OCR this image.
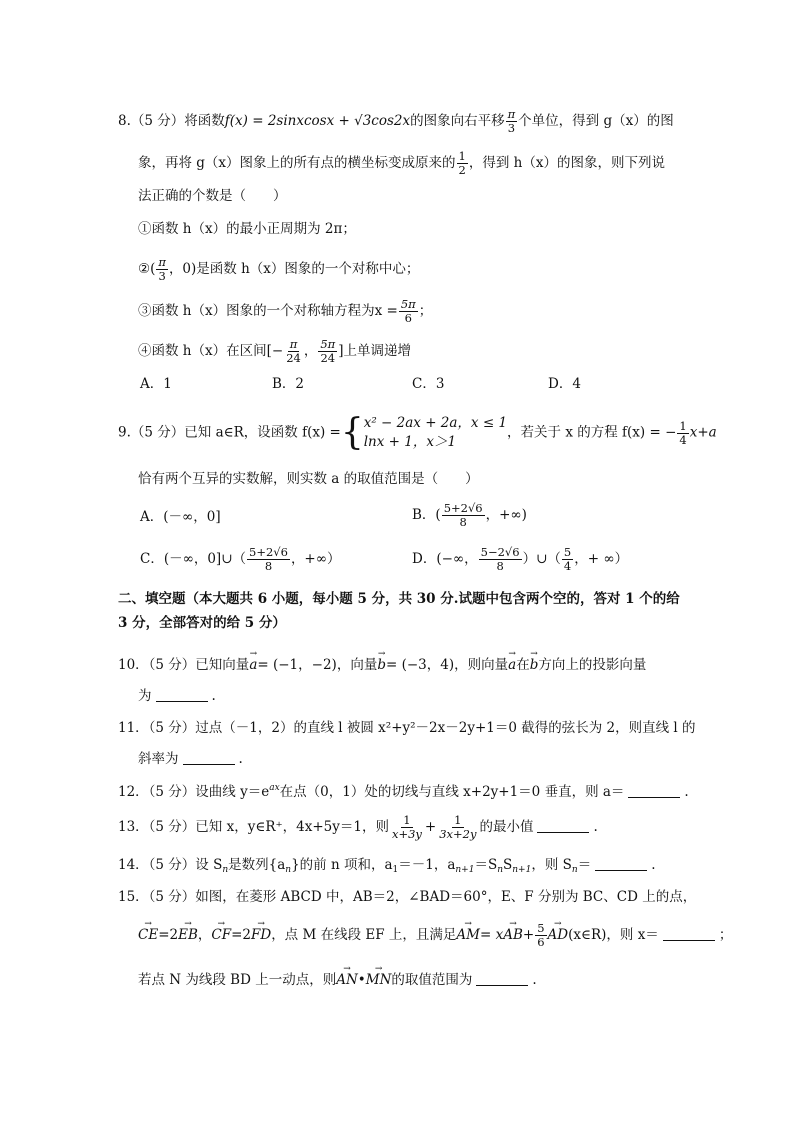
8.（5 分）将函数f(x) = 2sinxcosx + √3cos2x的图象向右平移 $\frac{\pi}{3}$ 个单位，得到 g（x）的图
象，再将 g（x）图象上的所有点的横坐标变成原来的 $\frac{1}{2}$ ，得到 h（x）的图象，则下列说
法正确的个数是（　　）
①函数 h（x）的最小正周期为 2π；
②( $\frac{\pi}{3}$ ，0)是函数 h（x）图象的一个对称中心；
③函数 h（x）图象的一个对称轴方程为$x = \frac{5\pi}{6}$ ；
④函数 h（x）在区间[− $\frac{\pi}{24}$ ， $\frac{5\pi}{24}$ ]上单调递增
A．1	B．2	C．3	D．4
9.（5 分）已知 a∈R，设函数 f(x) ={ x² − 2ax + 2a，x ≤ 1
lnx + 1，x＞1
，若关于 x 的方程 f(x) = − $\frac{1}{4} x+a$
恰有两个互异的实数解，则实数 a 的取值范围是（　　）
A．(－∞，0]	B．( $\frac{5+2√6}{8}$ ，+∞)
C．(－∞，0]∪（ $\frac{5+2√6}{8}$ ，+∞）	D．(−∞， $\frac{5-2√6}{8}$ ）∪（ $\frac{5}{4}$ ，+ ∞）
二、填空题（本大题共 6 小题，每小题 5 分，共 30 分.试题中包含两个空的，答对 1 个的给
3 分，全部答对的给 5 分）
10．（5 分）已知向量→ a= (−1，−2)，向量→ b= (−3，4)，则向量→ a在→ b方向上的投影向量
为	.
11．（5 分）过点（－1，2）的直线 l 被圆 x²+y²－2x－2y+1＝0 截得的弦长为 2，则直线 l 的
斜率为	.
12．（5 分）设曲线 $y=e^{ax}$在点（0，1）处的切线与直线 x+2y+1＝0 垂直，则 a＝	.
13．（5 分）已知 x，y∈R⁺，4x+5y＝1，则 $\frac{1}{x+3y} + \frac{1}{3x+2y}$ 的最小值	.
14．（5 分）设 $S_n$是数列$\{a_n\}$的前 n 项和，$a_1=-1$，$a_{n+1}=S_nS_{n+1}$，则 $S_n=$	.
15．（5 分）如图，在菱形 ABCD 中，AB＝2，∠BAD＝60°，E、F 分别为 BC、CD 上的点，
→ CE=2→ EB，→ CF=2→ FD，点 M 在线段 EF 上，且满足→ $AM= x\to AB+ \frac{5}{6}$
→ AD(x∈R)，则 x＝	；
若点 N 为线段 BD 上一动点，则→ AN•→ MN的取值范围为	.
